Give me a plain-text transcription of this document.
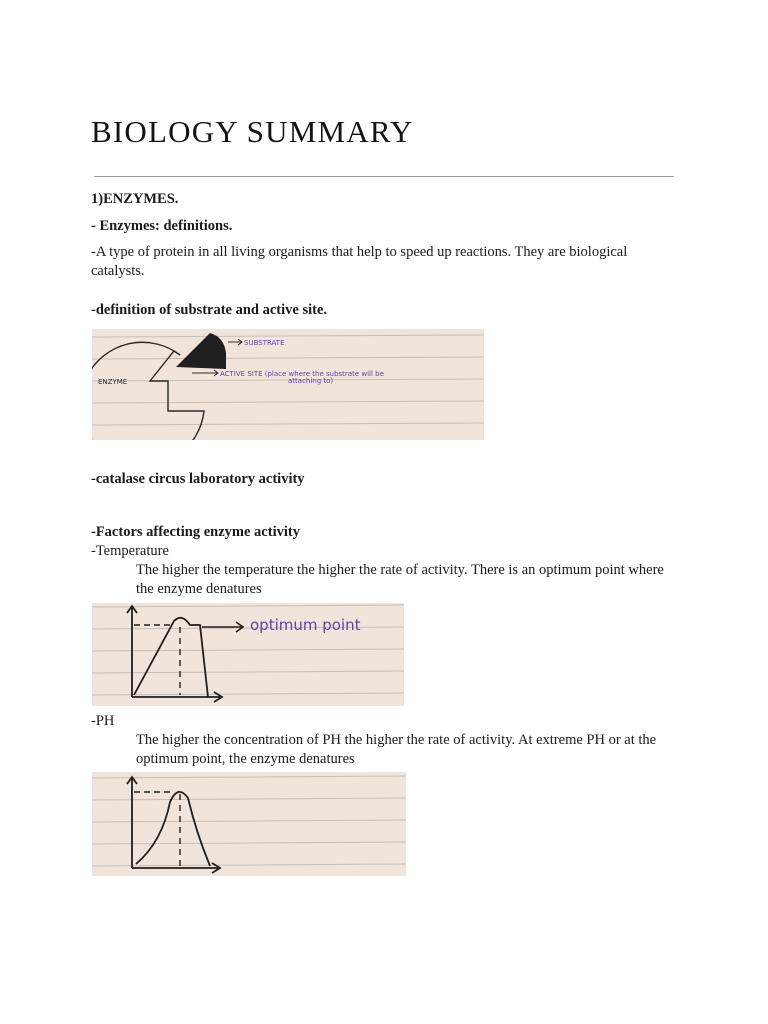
BIOLOGY SUMMARY

1)ENZYMES.

- Enzymes: definitions.

-A type of protein in all living organisms that help to speed up reactions. They are biological catalysts.

-definition of substrate and active site.

SUBSTRATE
ACTIVE SITE (place where the substrate will be
attaching to)
ENZYME

-catalase circus laboratory activity

-Factors affecting enzyme activity

-Temperature

The higher the temperature the higher the rate of activity. There is an optimum point where the enzyme denatures

optimum point

-PH

The higher the concentration of PH the higher the rate of activity. At extreme PH or at the optimum point, the enzyme denatures
